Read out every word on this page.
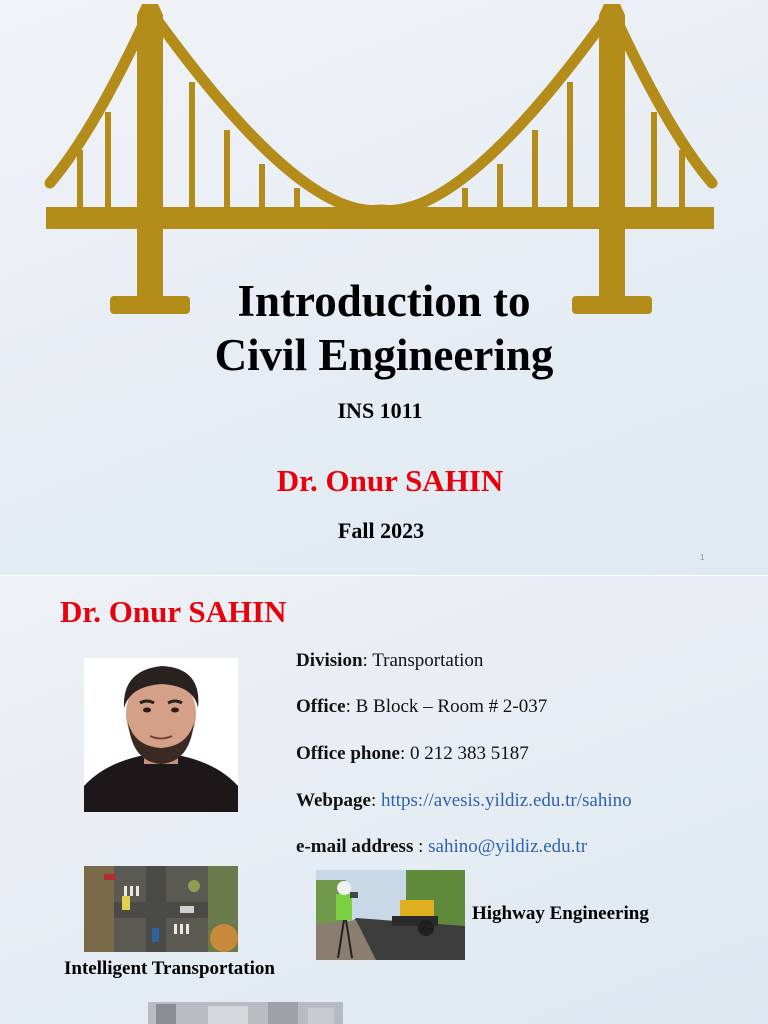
Introduction to
Civil Engineering
INS 1011
Dr. Onur SAHIN
Fall 2023
1
Dr. Onur SAHIN
Division: Transportation
Office: B Block – Room # 2-037
Office phone: 0 212 383 5187
Webpage: https://avesis.yildiz.edu.tr/sahino
e-mail address : sahino@yildiz.edu.tr
Intelligent Transportation
Highway Engineering
